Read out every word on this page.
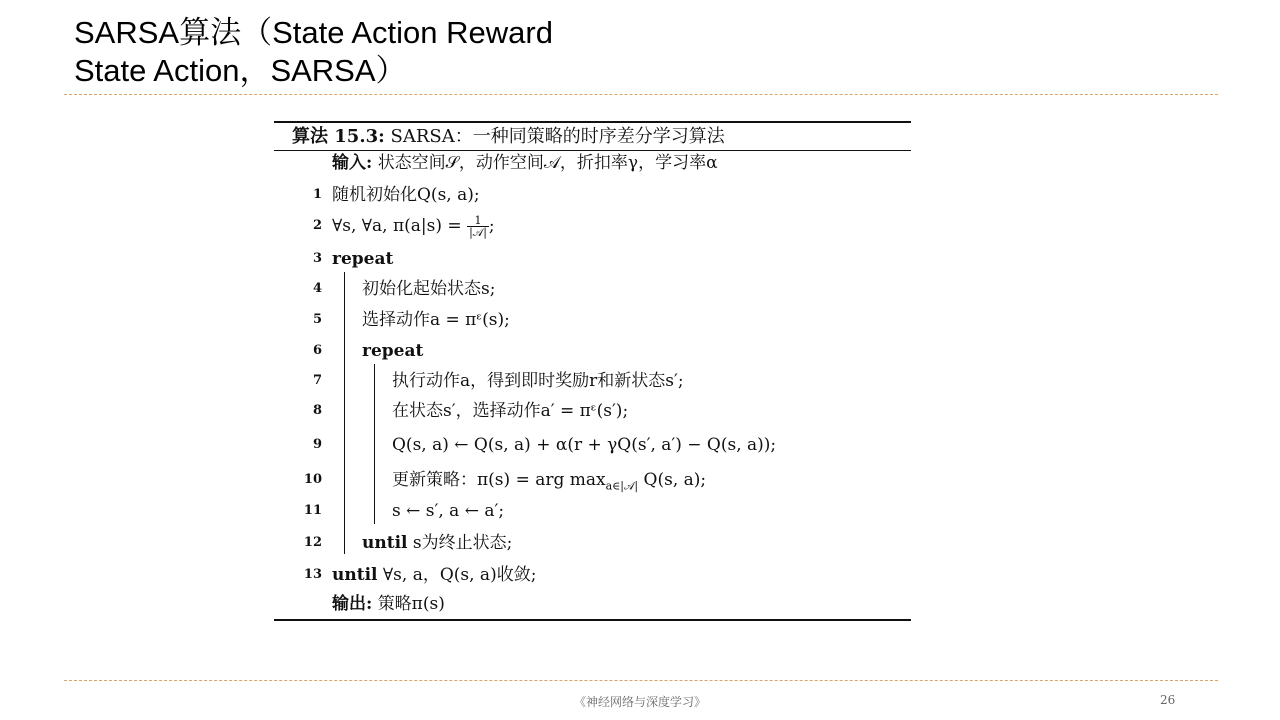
SARSA算法（State Action Reward
State Action，SARSA）
算法 15.3: SARSA：一种同策略的时序差分学习算法
输入: 状态空间𝒮，动作空间𝒜，折扣率γ，学习率α
1 随机初始化Q(s, a);
2 ∀s, ∀a, $\pi(a|s) = \frac{1}{\text{|𝒜|}}$ ;
3 repeat
4 初始化起始状态s;
5 选择动作a = πᵋ(s);
6 repeat
7	执行动作a，得到即时奖励r和新状态s′;
8	在状态s′，选择动作a′ = πᵋ(s′);
9	Q(s, a) ← Q(s, a) + α(r + γQ(s′, a′) − Q(s, a));
10	更新策略：π(s) = arg $\max_{a\in|𝒜|} Q(s$, a);
11	s ← s′, a ← a′;
12 until s为终止状态;
13 until ∀s, a，Q(s, a)收敛;
输出: 策略π(s)
《神经网络与深度学习》	26
